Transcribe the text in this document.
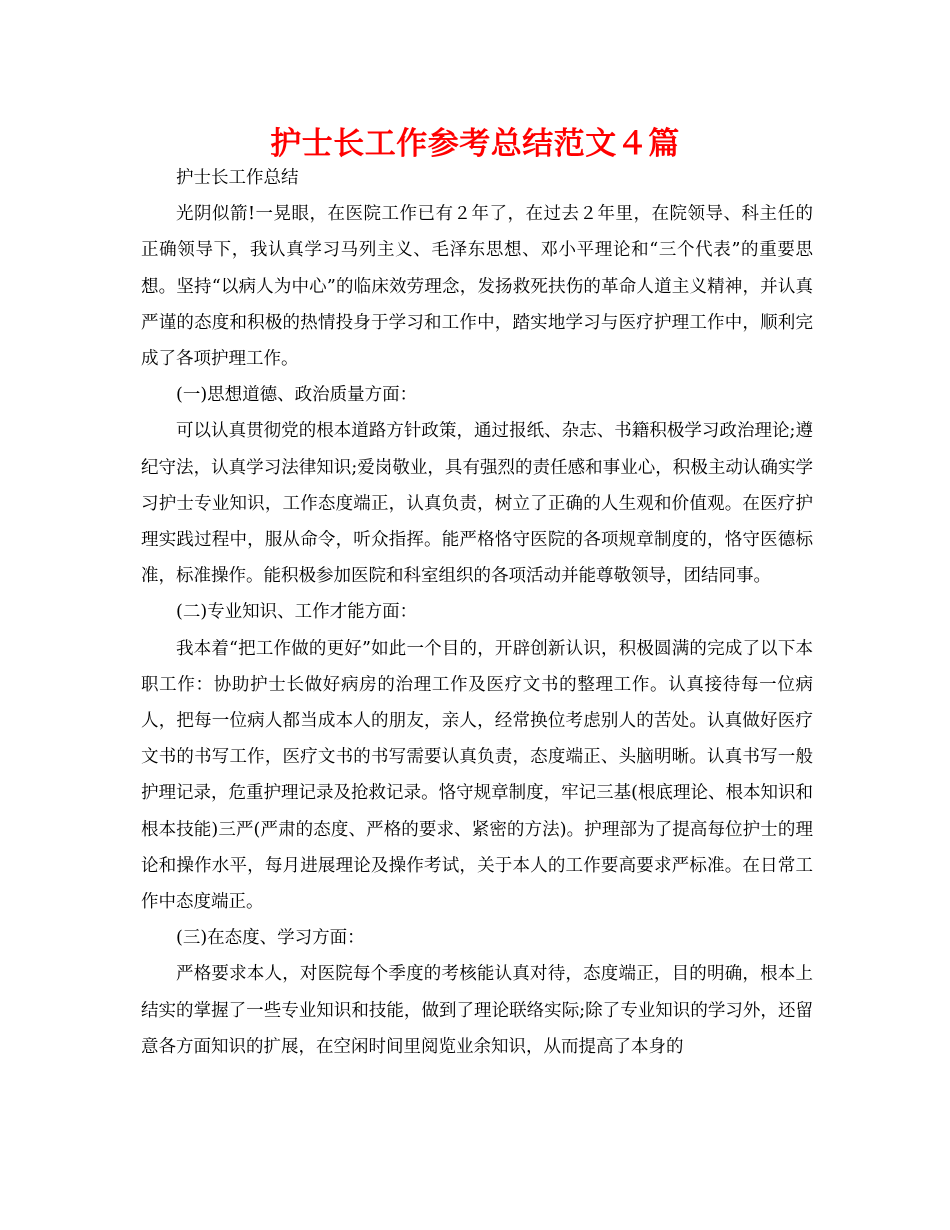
护士长工作参考总结范文４篇

护士长工作总结

光阴似箭!一晃眼，在医院工作已有２年了，在过去２年里，在院领导、科主任的正确领导下，我认真学习马列主义、毛泽东思想、邓小平理论和“三个代表”的重要思想。坚持“以病人为中心”的临床效劳理念，发扬救死扶伤的革命人道主义精神，并认真严谨的态度和积极的热情投身于学习和工作中，踏实地学习与医疗护理工作中，顺利完成了各项护理工作。

(一)思想道德、政治质量方面：

可以认真贯彻党的根本道路方针政策，通过报纸、杂志、书籍积极学习政治理论;遵纪守法，认真学习法律知识;爱岗敬业，具有强烈的责任感和事业心，积极主动认确实学习护士专业知识，工作态度端正，认真负责，树立了正确的人生观和价值观。在医疗护理实践过程中，服从命令，听众指挥。能严格恪守医院的各项规章制度的，恪守医德标准，标准操作。能积极参加医院和科室组织的各项活动并能尊敬领导，团结同事。

(二)专业知识、工作才能方面：

我本着“把工作做的更好”如此一个目的，开辟创新认识，积极圆满的完成了以下本职工作：协助护士长做好病房的治理工作及医疗文书的整理工作。认真接待每一位病人，把每一位病人都当成本人的朋友，亲人，经常换位考虑别人的苦处。认真做好医疗文书的书写工作，医疗文书的书写需要认真负责，态度端正、头脑明晰。认真书写一般护理记录，危重护理记录及抢救记录。恪守规章制度，牢记三基(根底理论、根本知识和根本技能)三严(严肃的态度、严格的要求、紧密的方法)。护理部为了提高每位护士的理论和操作水平，每月进展理论及操作考试，关于本人的工作要高要求严标准。在日常工作中态度端正。

(三)在态度、学习方面：

严格要求本人，对医院每个季度的考核能认真对待，态度端正，目的明确，根本上结实的掌握了一些专业知识和技能，做到了理论联络实际;除了专业知识的学习外，还留意各方面知识的扩展，在空闲时间里阅览业余知识，从而提高了本身的
